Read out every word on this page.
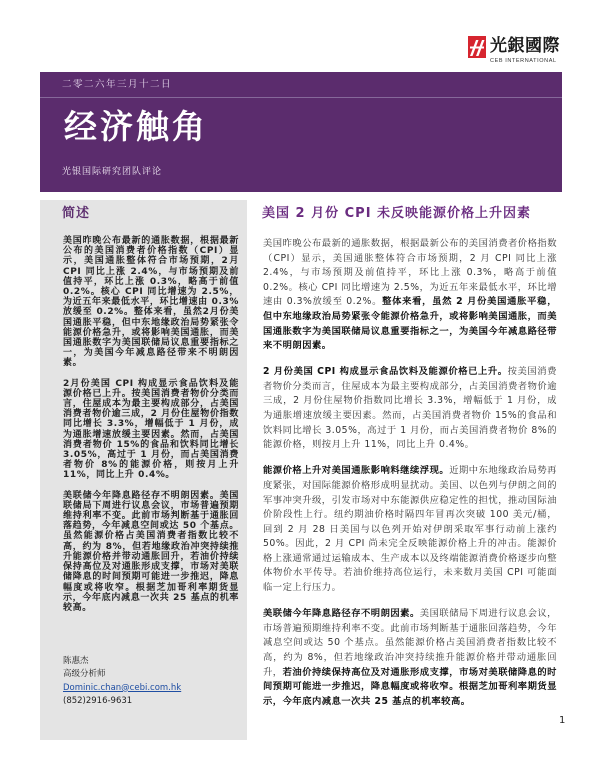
光銀國際
CEB INTERNATIONAL
二零二六年三月十二日
经济触角
光银国际研究团队评论
简述

美国昨晚公布最新的通胀数据，根据最新公布的美国消费者价格指数（CPI）显示，美国通胀整体符合市场预期，2月 CPI 同比上涨 2.4%，与市场预期及前值持平，环比上涨 0.3%，略高于前值 0.2%。核心 CPI 同比增速为 2.5%，为近五年来最低水平，环比增速由 0.3%放缓至 0.2%。整体来看，虽然2月份美国通胀平稳，但中东地缘政治局势紧张令能源价格急升，或将影响美国通胀，而美国通胀数字为美国联储局议息重要指标之一，为美国今年减息路径带来不明朗因素。

2月份美国 CPI 构成显示食品饮料及能源价格已上升。按美国消费者物价分类而言，住屋成本为最主要构成部分，占美国消费者物价逾三成，2 月份住屋物价指数同比增长 3.3%，增幅低于 1 月份，成为通胀增速放缓主要因素。然而，占美国消费者物价 15%的食品和饮料同比增长 3.05%，高过于 1 月份，而占美国消费者物价 8%的能源价格，则按月上升 11%，同比上升 0.4%。

美联储今年降息路径存不明朗因素。美国联储局下周进行议息会议，市场普遍预期维持利率不变。此前市场判断基于通胀回落趋势，今年减息空间或达 50 个基点。虽然能源价格占美国消费者指数比较不高，约为 8%，但若地缘政治冲突持续推升能源价格并带动通胀回升，若油价持续保持高位及对通胀形成支撑，市场对美联储降息的时间预期可能进一步推迟，降息幅度或将收窄。根据芝加哥利率期货显示，今年底内减息一次共 25 基点的机率较高。

陈惠杰
高级分析师
Dominic.chan@cebi.com.hk
(852)2916-9631
美国 2 月份 CPI 未反映能源价格上升因素

美国昨晚公布最新的通胀数据，根据最新公布的美国消费者价格指数（CPI）显示，美国通胀整体符合市场预期，2 月 CPI 同比上涨 2.4%，与市场预期及前值持平，环比上涨 0.3%，略高于前值 0.2%。核心 CPI 同比增速为 2.5%，为近五年来最低水平，环比增速由 0.3%放缓至 0.2%。整体来看，虽然 2 月份美国通胀平稳，但中东地缘政治局势紧张令能源价格急升，或将影响美国通胀，而美国通胀数字为美国联储局议息重要指标之一，为美国今年减息路径带来不明朗因素。

2 月份美国 CPI 构成显示食品饮料及能源价格已上升。按美国消费者物价分类而言，住屋成本为最主要构成部分，占美国消费者物价逾三成，2 月份住屋物价指数同比增长 3.3%，增幅低于 1 月份，成为通胀增速放缓主要因素。然而，占美国消费者物价 15%的食品和饮料同比增长 3.05%，高过于 1 月份，而占美国消费者物价 8%的能源价格，则按月上升 11%，同比上升 0.4%。

能源价格上升对美国通胀影响料继续浮现。近期中东地缘政治局势再度紧张，对国际能源价格形成明显扰动。美国、以色列与伊朗之间的军事冲突升级，引发市场对中东能源供应稳定性的担忧，推动国际油价阶段性上行。纽约期油价格时隔四年冒再次突破 100 美元/桶，回到 2 月 28 日美国与以色列开始对伊朗采取军事行动前上涨约 50%。因此，2 月 CPI 尚未完全反映能源价格上升的冲击。能源价格上涨通常通过运输成本、生产成本以及终端能源消费价格逐步向整体物价水平传导。若油价维持高位运行，未来数月美国 CPI 可能面临一定上行压力。

美联储今年降息路径存不明朗因素。美国联储局下周进行议息会议，市场普遍预期维持利率不变。此前市场判断基于通胀回落趋势，今年减息空间或达 50 个基点。虽然能源价格占美国消费者指数比较不高，约为 8%，但若地缘政治冲突持续推升能源价格并带动通胀回升，若油价持续保持高位及对通胀形成支撑，市场对美联储降息的时间预期可能进一步推迟，降息幅度或将收窄。根据芝加哥利率期货显示，今年底内减息一次共 25 基点的机率较高。

1
